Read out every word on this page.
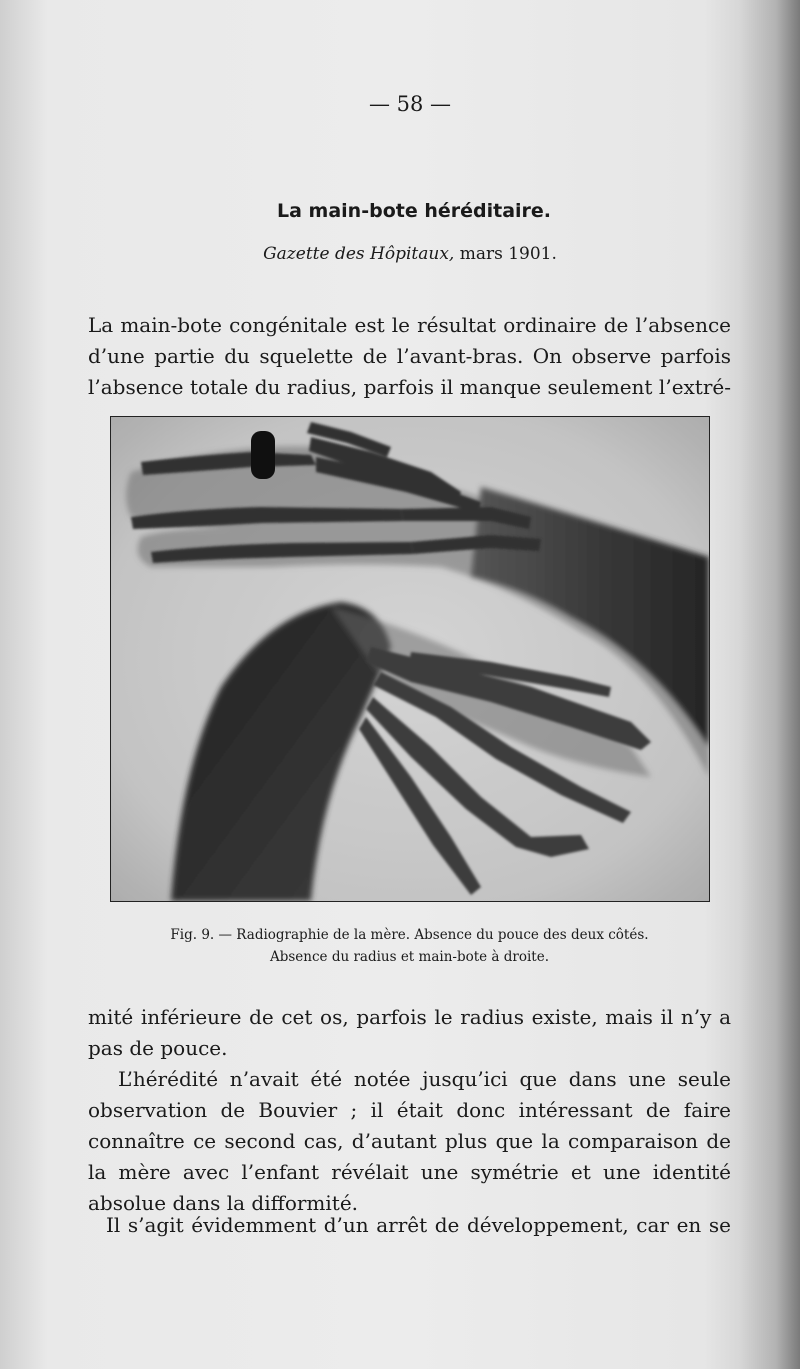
— 58 —
La main-bote héréditaire.
Gazette des Hôpitaux, mars 1901.
La main-bote congénitale est le résultat ordinaire de l’absence d’une partie du squelette de l’avant-bras. On observe parfois l’absence totale du radius, parfois il manque seulement l’extré-
Fig. 9. — Radiographie de la mère. Absence du pouce des deux côtés.
Absence du radius et main-bote à droite.
mité inférieure de cet os, parfois le radius existe, mais il n’y a pas de pouce.
L’hérédité n’avait été notée jusqu’ici que dans une seule observation de Bouvier ; il était donc intéressant de faire connaître ce second cas, d’autant plus que la comparaison de la mère avec l’enfant révélait une symétrie et une identité absolue dans la difformité.
Il s’agit évidemment d’un arrêt de développement, car en se
